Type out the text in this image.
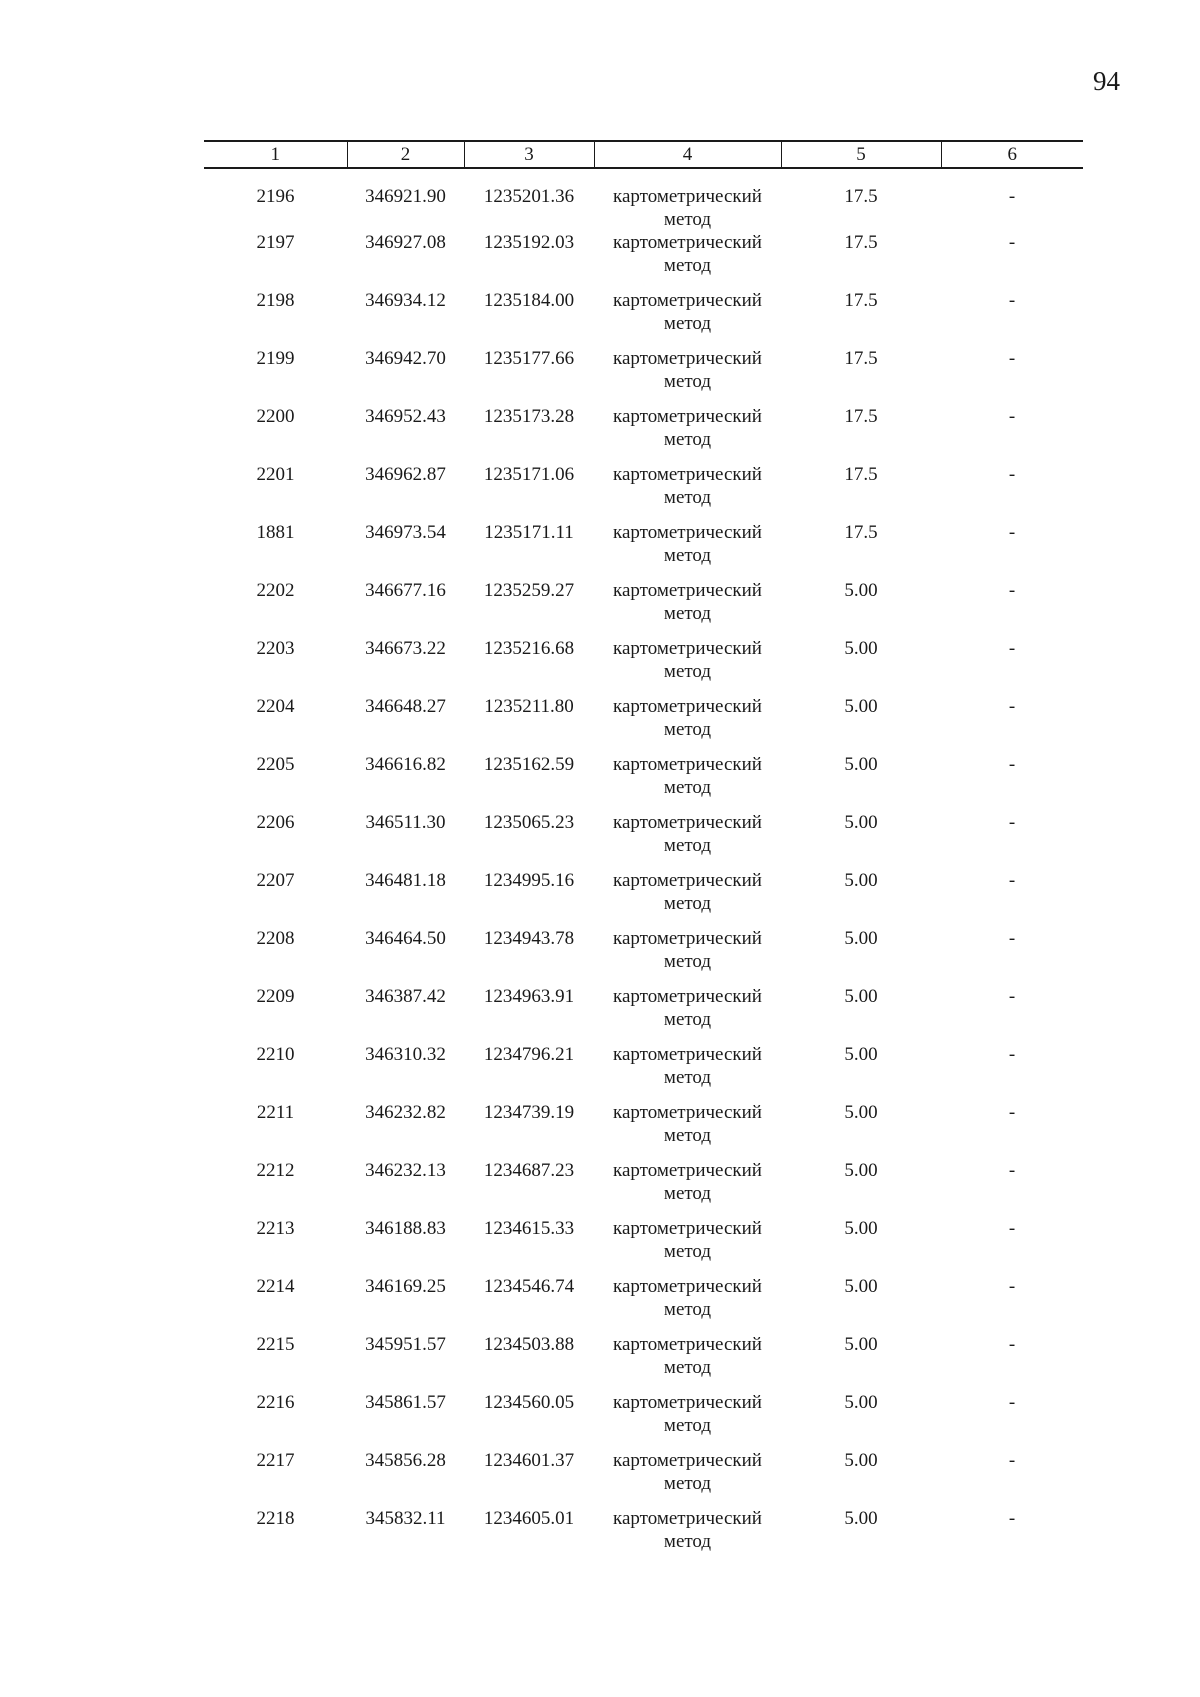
94
1	2	3	4	5	6
2196	346921.90	1235201.36	картометрический метод	17.5	-
2197	346927.08	1235192.03	картометрический метод	17.5	-
2198	346934.12	1235184.00	картометрический метод	17.5	-
2199	346942.70	1235177.66	картометрический метод	17.5	-
2200	346952.43	1235173.28	картометрический метод	17.5	-
2201	346962.87	1235171.06	картометрический метод	17.5	-
1881	346973.54	1235171.11	картометрический метод	17.5	-
2202	346677.16	1235259.27	картометрический метод	5.00	-
2203	346673.22	1235216.68	картометрический метод	5.00	-
2204	346648.27	1235211.80	картометрический метод	5.00	-
2205	346616.82	1235162.59	картометрический метод	5.00	-
2206	346511.30	1235065.23	картометрический метод	5.00	-
2207	346481.18	1234995.16	картометрический метод	5.00	-
2208	346464.50	1234943.78	картометрический метод	5.00	-
2209	346387.42	1234963.91	картометрический метод	5.00	-
2210	346310.32	1234796.21	картометрический метод	5.00	-
2211	346232.82	1234739.19	картометрический метод	5.00	-
2212	346232.13	1234687.23	картометрический метод	5.00	-
2213	346188.83	1234615.33	картометрический метод	5.00	-
2214	346169.25	1234546.74	картометрический метод	5.00	-
2215	345951.57	1234503.88	картометрический метод	5.00	-
2216	345861.57	1234560.05	картометрический метод	5.00	-
2217	345856.28	1234601.37	картометрический метод	5.00	-
2218	345832.11	1234605.01	картометрический метод	5.00	-
